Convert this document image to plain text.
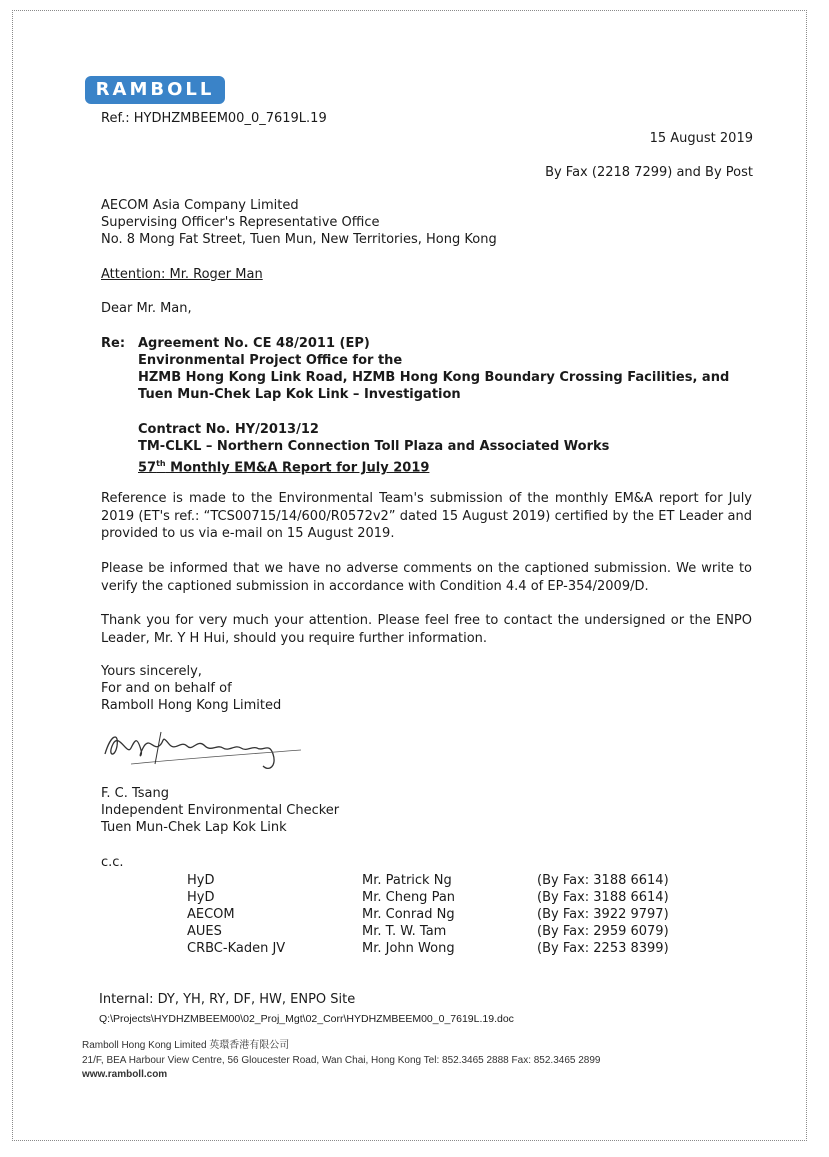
RAMBOLL
Ref.: HYDHZMBEEM00_0_7619L.19
15 August 2019
By Fax (2218 7299) and By Post
AECOM Asia Company Limited
Supervising Officer's Representative Office
No. 8 Mong Fat Street, Tuen Mun, New Territories, Hong Kong
Attention: Mr. Roger Man
Dear Mr. Man,
Re: Agreement No. CE 48/2011 (EP)
Environmental Project Office for the
HZMB Hong Kong Link Road, HZMB Hong Kong Boundary Crossing Facilities, and
Tuen Mun-Chek Lap Kok Link – Investigation
Contract No. HY/2013/12
TM-CLKL – Northern Connection Toll Plaza and Associated Works
57th Monthly EM&A Report for July 2019
Reference is made to the Environmental Team's submission of the monthly EM&A report for July 2019 (ET's ref.: “TCS00715/14/600/R0572v2” dated 15 August 2019) certified by the ET Leader and provided to us via e-mail on 15 August 2019.
Please be informed that we have no adverse comments on the captioned submission. We write to verify the captioned submission in accordance with Condition 4.4 of EP-354/2009/D.
Thank you for very much your attention. Please feel free to contact the undersigned or the ENPO Leader, Mr. Y H Hui, should you require further information.
Yours sincerely,
For and on behalf of
Ramboll Hong Kong Limited
F. C. Tsang
Independent Environmental Checker
Tuen Mun-Chek Lap Kok Link
c.c.
HyD	Mr. Patrick Ng	(By Fax: 3188 6614)
HyD	Mr. Cheng Pan	(By Fax: 3188 6614)
AECOM	Mr. Conrad Ng	(By Fax: 3922 9797)
AUES	Mr. T. W. Tam	(By Fax: 2959 6079)
CRBC-Kaden JV	Mr. John Wong	(By Fax: 2253 8399)
Internal: DY, YH, RY, DF, HW, ENPO Site
Q:\Projects\HYDHZMBEEM00\02_Proj_Mgt\02_Corr\HYDHZMBEEM00_0_7619L.19.doc
Ramboll Hong Kong Limited 英環香港有限公司
21/F, BEA Harbour View Centre, 56 Gloucester Road, Wan Chai, Hong Kong Tel: 852.3465 2888 Fax: 852.3465 2899
www.ramboll.com
